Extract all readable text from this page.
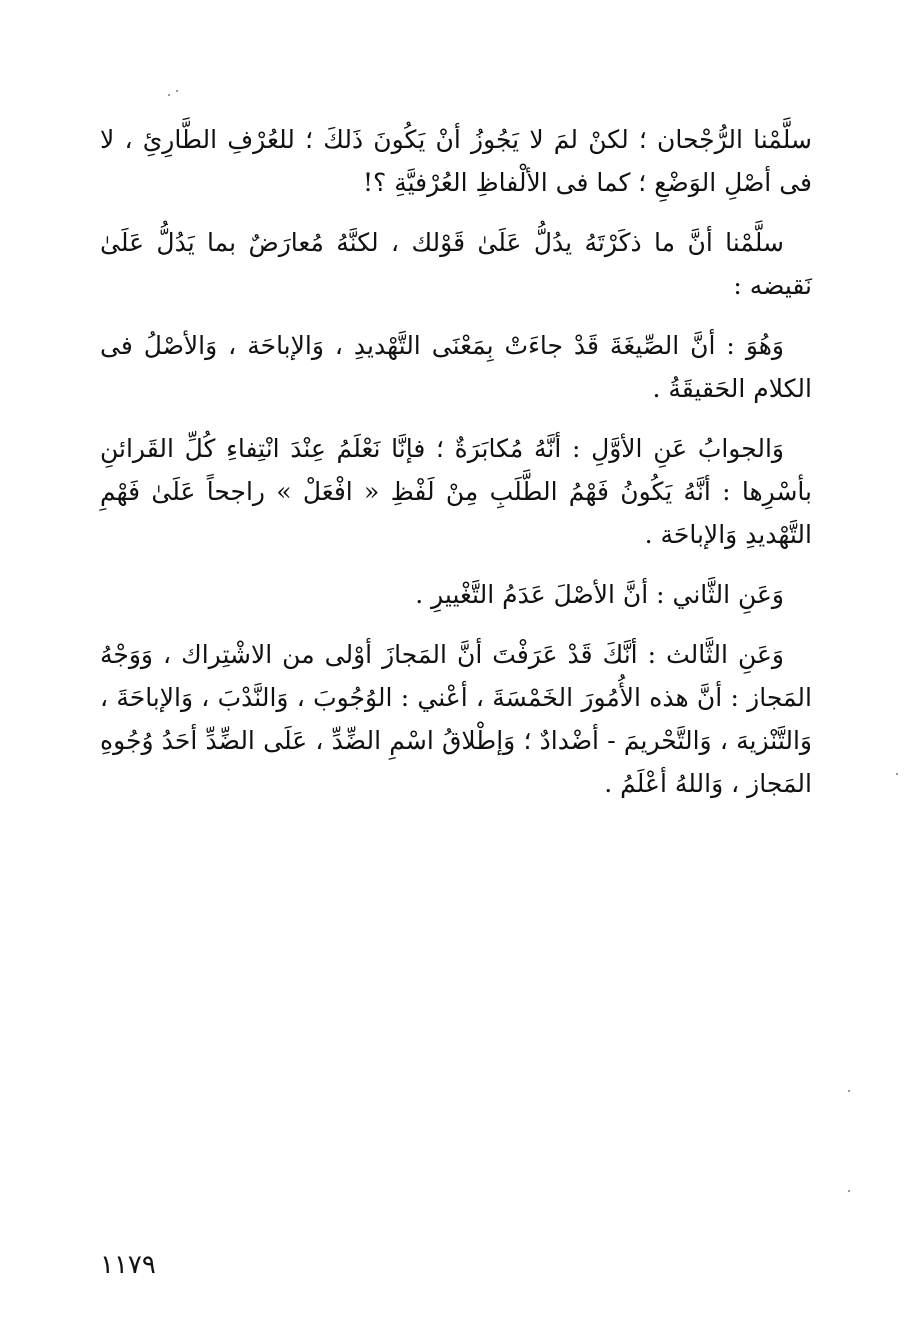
سلَّمْنا الرُّجْحان ؛ لكنْ لمَ لا يَجُوزُ أنْ يَكُونَ ذَلكَ ؛ للعُرْفِ الطَّارِئِ ، لا فى أصْلِ الوَضْعِ ؛ كما فى الألْفاظِ العُرْفيَّةِ ؟!

سلَّمْنا أنَّ ما ذكَرْتَهُ يدُلُّ عَلَىٰ قَوْلك ، لكنَّهُ مُعارَضٌ بما يَدُلُّ عَلَىٰ نَقيضه :

وَهُوَ : أنَّ الصِّيغَةَ قَدْ جاءَتْ بِمَعْنَى التَّهْديدِ ، وَالإباحَة ، وَالأصْلُ فى الكلام الحَقيقَةُ .

وَالجوابُ عَنِ الأوَّلِ : أنَّهُ مُكابَرَةٌ ؛ فإنَّا نَعْلَمُ عِنْدَ انْتِفاءِ كُلِّ القَرائنِ بأسْرِها : أنَّهُ يَكُونُ فَهْمُ الطَّلَبِ مِنْ لَفْظِ « افْعَلْ » راجحاً عَلَىٰ فَهْمِ التَّهْديدِ وَالإباحَة .

وَعَنِ الثَّاني : أنَّ الأصْلَ عَدَمُ التَّغْييرِ .

وَعَنِ الثَّالث : أنَّكَ قَدْ عَرَفْتَ أنَّ المَجازَ أوْلى من الاشْتِراك ، وَوَجْهُ المَجاز : أنَّ هذه الأُمُورَ الخَمْسَةَ ، أعْني : الوُجُوبَ ، وَالنَّدْبَ ، وَالإباحَةَ ، وَالتَّنْزيهَ ، وَالتَّحْريمَ - أضْدادٌ ؛ وَإطْلاقُ اسْمِ الضِّدِّ ، عَلَى الضِّدِّ أحَدُ وُجُوهِ المَجاز ، وَاللهُ أعْلَمُ .

١١٧٩
